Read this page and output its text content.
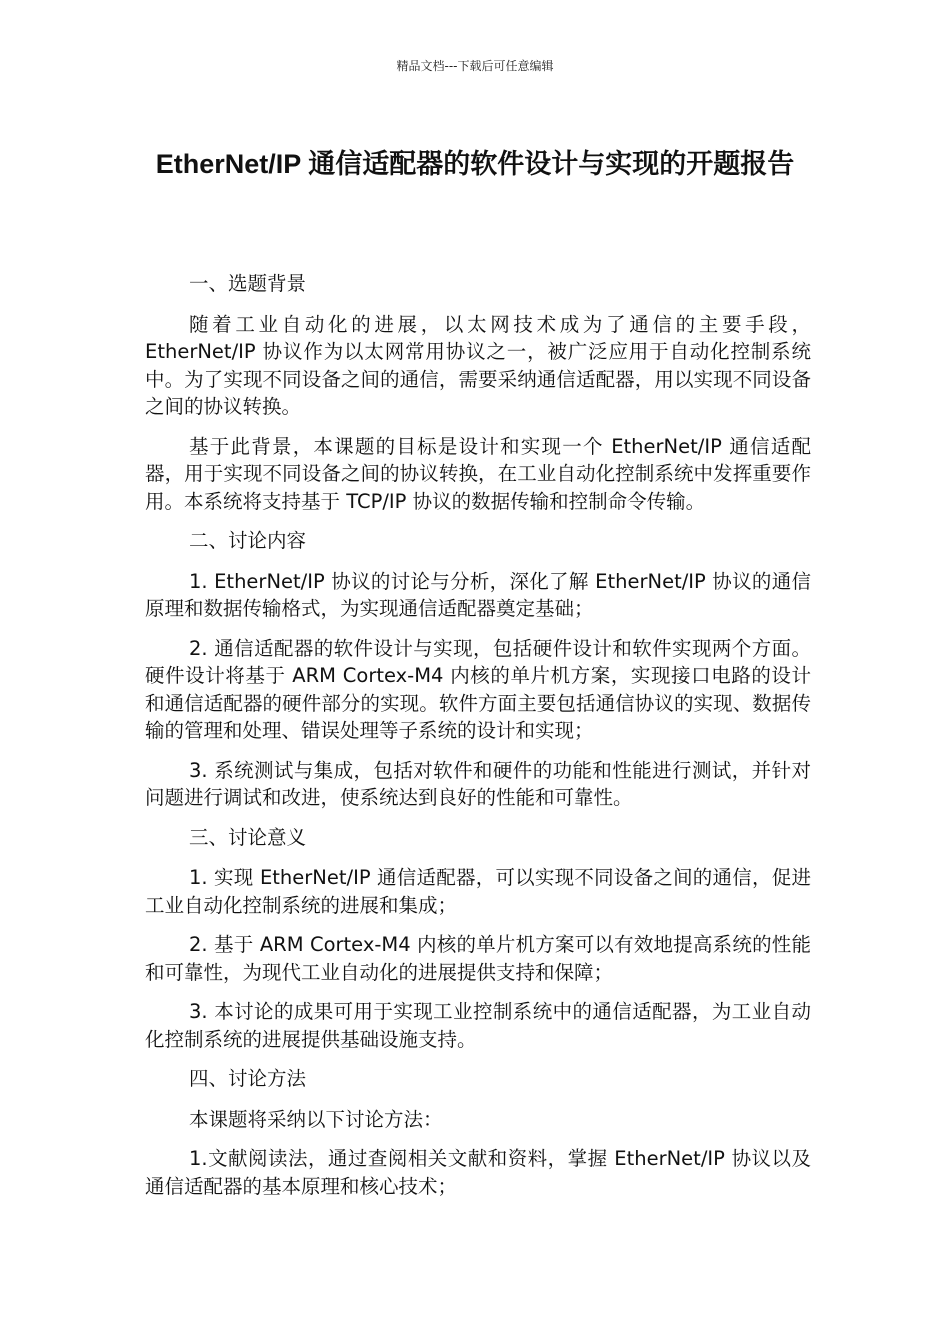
精品文档---下载后可任意编辑
EtherNet/IP 通信适配器的软件设计与实现的开题报告

一、选题背景

随着工业自动化的进展，以太网技术成为了通信的主要手段，EtherNet/IP 协议作为以太网常用协议之一，被广泛应用于自动化控制系统中。为了实现不同设备之间的通信，需要采纳通信适配器，用以实现不同设备之间的协议转换。

基于此背景，本课题的目标是设计和实现一个 EtherNet/IP 通信适配器，用于实现不同设备之间的协议转换，在工业自动化控制系统中发挥重要作用。本系统将支持基于 TCP/IP 协议的数据传输和控制命令传输。

二、讨论内容

1. EtherNet/IP 协议的讨论与分析，深化了解 EtherNet/IP 协议的通信原理和数据传输格式，为实现通信适配器奠定基础；

2. 通信适配器的软件设计与实现，包括硬件设计和软件实现两个方面。硬件设计将基于 ARM Cortex-M4 内核的单片机方案，实现接口电路的设计和通信适配器的硬件部分的实现。软件方面主要包括通信协议的实现、数据传输的管理和处理、错误处理等子系统的设计和实现；

3. 系统测试与集成，包括对软件和硬件的功能和性能进行测试，并针对问题进行调试和改进，使系统达到良好的性能和可靠性。

三、讨论意义

1. 实现 EtherNet/IP 通信适配器，可以实现不同设备之间的通信，促进工业自动化控制系统的进展和集成；

2. 基于 ARM Cortex-M4 内核的单片机方案可以有效地提高系统的性能和可靠性，为现代工业自动化的进展提供支持和保障；

3. 本讨论的成果可用于实现工业控制系统中的通信适配器，为工业自动化控制系统的进展提供基础设施支持。

四、讨论方法

本课题将采纳以下讨论方法：

1.文献阅读法，通过查阅相关文献和资料，掌握 EtherNet/IP 协议以及通信适配器的基本原理和核心技术；
